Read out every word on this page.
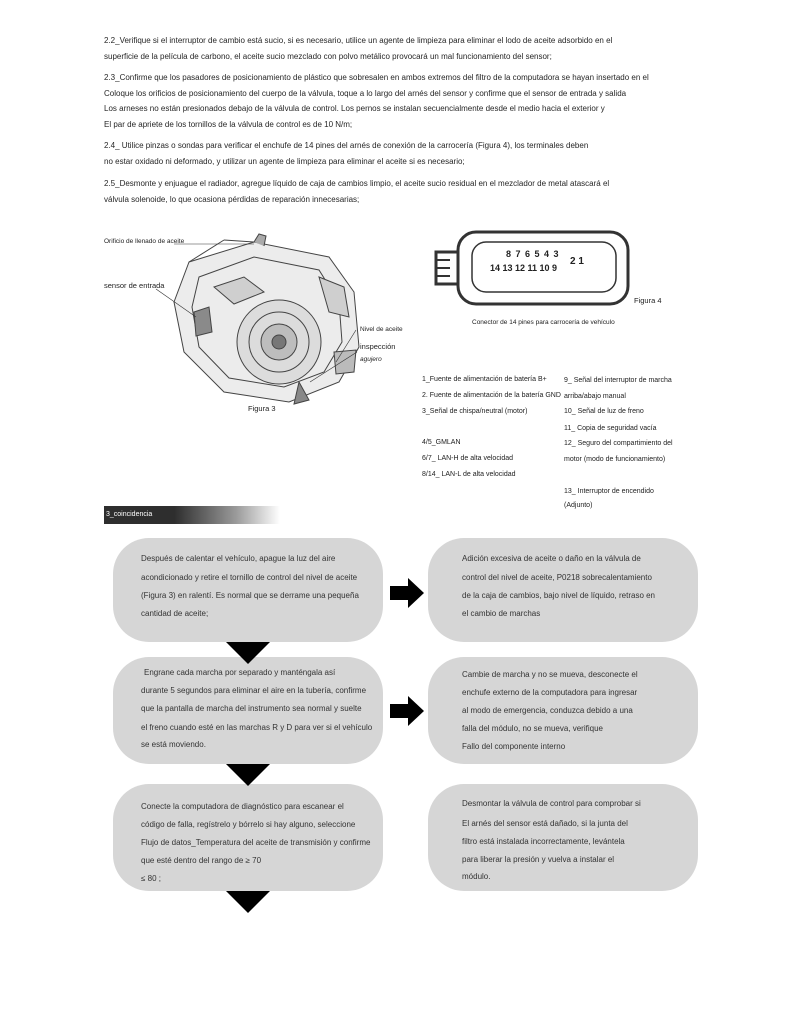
2.2_Verifique si el interruptor de cambio está sucio, si es necesario, utilice un agente de limpieza para eliminar el lodo de aceite adsorbido en el
superficie de la película de carbono, el aceite sucio mezclado con polvo metálico provocará un mal funcionamiento del sensor;
2.3_Confirme que los pasadores de posicionamiento de plástico que sobresalen en ambos extremos del filtro de la computadora se hayan insertado en el
Coloque los orificios de posicionamiento del cuerpo de la válvula, toque a lo largo del arnés del sensor y confirme que el sensor de entrada y salida
Los arneses no están presionados debajo de la válvula de control. Los pernos se instalan secuencialmente desde el medio hacia el exterior y
El par de apriete de los tornillos de la válvula de control es de 10 N/m;
2.4_ Utilice pinzas o sondas para verificar el enchufe de 14 pines del arnés de conexión de la carrocería (Figura 4), los terminales deben
no estar oxidado ni deformado, y utilizar un agente de limpieza para eliminar el aceite si es necesario;
2.5_Desmonte y enjuague el radiador, agregue líquido de caja de cambios limpio, el aceite sucio residual en el mezclador de metal atascará el
válvula solenoide, lo que ocasiona pérdidas de reparación innecesarias;
Orificio de llenado de aceite
sensor de entrada
Nivel de aceite
inspección
agujero
Figura 3
8 7 6 5 4 3
14 13 12 11 10 9
2 1
Figura 4
Conector de 14 pines para carrocería de vehículo
1_Fuente de alimentación de batería B+
2. Fuente de alimentación de la batería GND
3_Señal de chispa/neutral (motor)
4/5_GMLAN
6/7_ LAN-H de alta velocidad
8/14_ LAN-L de alta velocidad
9_ Señal del interruptor de marcha
arriba/abajo manual
10_ Señal de luz de freno
11_ Copia de seguridad vacía
12_ Seguro del compartimiento del
motor (modo de funcionamiento)
13_ Interruptor de encendido
(Adjunto)
3_coincidencia
Después de calentar el vehículo, apague la luz del aire
acondicionado y retire el tornillo de control del nivel de aceite
(Figura 3) en ralentí. Es normal que se derrame una pequeña
cantidad de aceite;
Engrane cada marcha por separado y manténgala así
durante 5 segundos para eliminar el aire en la tubería, confirme
que la pantalla de marcha del instrumento sea normal y suelte
el freno cuando esté en las marchas R y D para ver si el vehículo
se está moviendo.
Conecte la computadora de diagnóstico para escanear el
código de falla, regístrelo y bórrelo si hay alguno, seleccione
Flujo de datos_Temperatura del aceite de transmisión y confirme
que esté dentro del rango de ≥ 70
≤ 80 ;
Adición excesiva de aceite o daño en la válvula de
control del nivel de aceite, P0218 sobrecalentamiento
de la caja de cambios, bajo nivel de líquido, retraso en
el cambio de marchas
Cambie de marcha y no se mueva, desconecte el
enchufe externo de la computadora para ingresar
al modo de emergencia, conduzca debido a una
falla del módulo, no se mueva, verifique
Fallo del componente interno
Desmontar la válvula de control para comprobar si
El arnés del sensor está dañado, si la junta del
filtro está instalada incorrectamente, levántela
para liberar la presión y vuelva a instalar el
módulo.
